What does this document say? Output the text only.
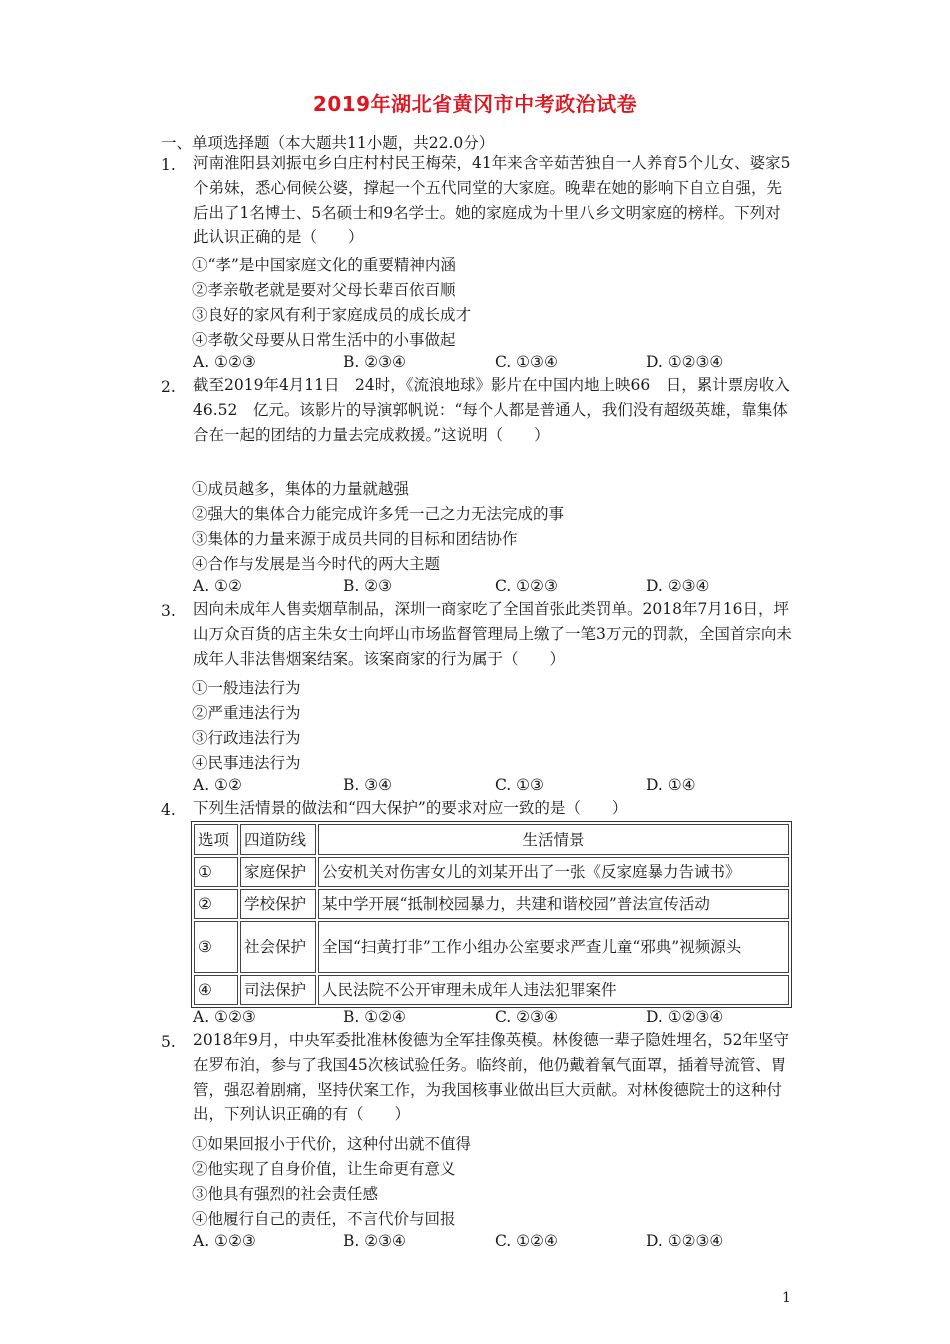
2019年湖北省黄冈市中考政治试卷
一、单项选择题（本大题共11小题，共22.0分）
1. 河南淮阳县刘振屯乡白庄村村民王梅荣，41年来含辛茹苦独自一人养育5个儿女、婆家5个弟妹，悉心伺候公婆，撑起一个五代同堂的大家庭。晚辈在她的影响下自立自强，先后出了1名博士、5名硕士和9名学士。她的家庭成为十里八乡文明家庭的榜样。下列对此认识正确的是（　　）
①“孝”是中国家庭文化的重要精神内涵
②孝亲敬老就是要对父母长辈百依百顺
③良好的家风有利于家庭成员的成长成才
④孝敬父母要从日常生活中的小事做起
A. ①②③	B. ②③④	C. ①③④	D. ①②③④
2. 截至2019年4月11日　24时，《流浪地球》影片在中国内地上映66　日，累计票房收入46.52　亿元。该影片的导演郭帆说：“每个人都是普通人，我们没有超级英雄，靠集体合在一起的团结的力量去完成救援。”这说明（　　）
①成员越多，集体的力量就越强
②强大的集体合力能完成许多凭一己之力无法完成的事
③集体的力量来源于成员共同的目标和团结协作
④合作与发展是当今时代的两大主题
A. ①②	B. ②③	C. ①②③	D. ②③④
3. 因向未成年人售卖烟草制品，深圳一商家吃了全国首张此类罚单。2018年7月16日，坪山万众百货的店主朱女士向坪山市场监督管理局上缴了一笔3万元的罚款，全国首宗向未成年人非法售烟案结案。该案商家的行为属于（　　）
①一般违法行为
②严重违法行为
③行政违法行为
④民事违法行为
A. ①②	B. ③④	C. ①③	D. ①④
4. 下列生活情景的做法和“四大保护”的要求对应一致的是（　　）
选项	四道防线	生活情景
①	家庭保护	公安机关对伤害女儿的刘某开出了一张《反家庭暴力告诫书》
②	学校保护	某中学开展“抵制校园暴力，共建和谐校园”普法宣传活动
③	社会保护	全国“扫黄打非”工作小组办公室要求严查儿童“邪典”视频源头
④	司法保护	人民法院不公开审理未成年人违法犯罪案件
A. ①②③	B. ①②④	C. ②③④	D. ①②③④
5. 2018年9月，中央军委批准林俊德为全军挂像英模。林俊德一辈子隐姓埋名，52年坚守在罗布泊，参与了我国45次核试验任务。临终前，他仍戴着氧气面罩，插着导流管、胃管，强忍着剧痛，坚持伏案工作，为我国核事业做出巨大贡献。对林俊德院士的这种付出，下列认识正确的有（　　）
①如果回报小于代价，这种付出就不值得
②他实现了自身价值，让生命更有意义
③他具有强烈的社会责任感
④他履行自己的责任，不言代价与回报
A. ①②③	B. ②③④	C. ①②④	D. ①②③④
1
